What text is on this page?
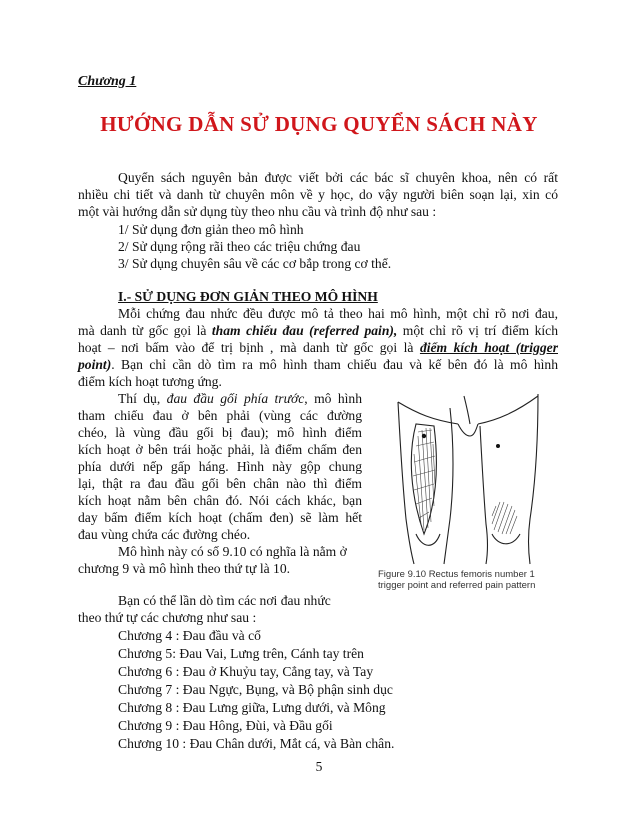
Chương 1
HƯỚNG DẪN SỬ DỤNG QUYỂN SÁCH NÀY
Quyển sách nguyên bản được viết bởi các bác sĩ chuyên khoa, nên có rất
nhiều chi tiết và danh từ chuyên môn về y học, do vậy người biên soạn lại, xin có
một vài hướng dẫn sử dụng tùy theo nhu cầu và trình độ như sau :
1/ Sử dụng đơn giản theo mô hình
2/ Sử dụng rộng rãi theo các triệu chứng đau
3/ Sử dụng chuyên sâu về các cơ bắp trong cơ thể.
I.- SỬ DỤNG ĐƠN GIẢN THEO MÔ HÌNH
Mỗi chứng đau nhức đều được mô tả theo hai mô hình, một chỉ rõ nơi đau,
mà danh từ gốc gọi là tham chiếu đau (referred pain), một chỉ rõ vị trí điểm kích
hoạt – nơi bấm vào để trị bịnh , mà danh từ gốc gọi là điểm kích hoạt (trigger
point). Bạn chỉ cần dò tìm ra mô hình tham chiếu đau và kế bên đó là mô hình
điểm kích hoạt tương ứng.
Thí dụ, đau đầu gối phía trước, mô hình
tham chiếu đau ở bên phải (vùng các đường
chéo, là vùng đầu gối bị đau); mô hình điểm
kích hoạt ở bên trái hoặc phải, là điểm chấm đen
phía dưới nếp gấp háng. Hình này gộp chung
lại, thật ra đau đầu gối bên chân nào thì điểm
kích hoạt nằm bên chân đó. Nói cách khác, bạn
day bấm điểm kích hoạt (chấm đen) sẽ làm hết
đau vùng chứa các đường chéo.
Mô hình này có số 9.10 có nghĩa là nằm ở
chương 9 và mô hình theo thứ tự là 10.
Bạn có thể lần dò tìm các nơi đau nhức
theo thứ tự các chương như sau :
Chương 4 : Đau đầu và cổ
Chương 5: Đau Vai, Lưng trên, Cánh tay trên
Chương 6 : Đau ở Khuỷu tay, Cẳng tay, và Tay
Chương 7 : Đau Ngực, Bụng, và Bộ phận sinh dục
Chương 8 : Đau Lưng giữa, Lưng dưới, và Mông
Chương 9 : Đau Hông, Đùi, và Đầu gối
Chương 10 : Đau Chân dưới, Mắt cá, và Bàn chân.
Figure 9.10 Rectus femoris number 1
trigger point and referred pain pattern
5
